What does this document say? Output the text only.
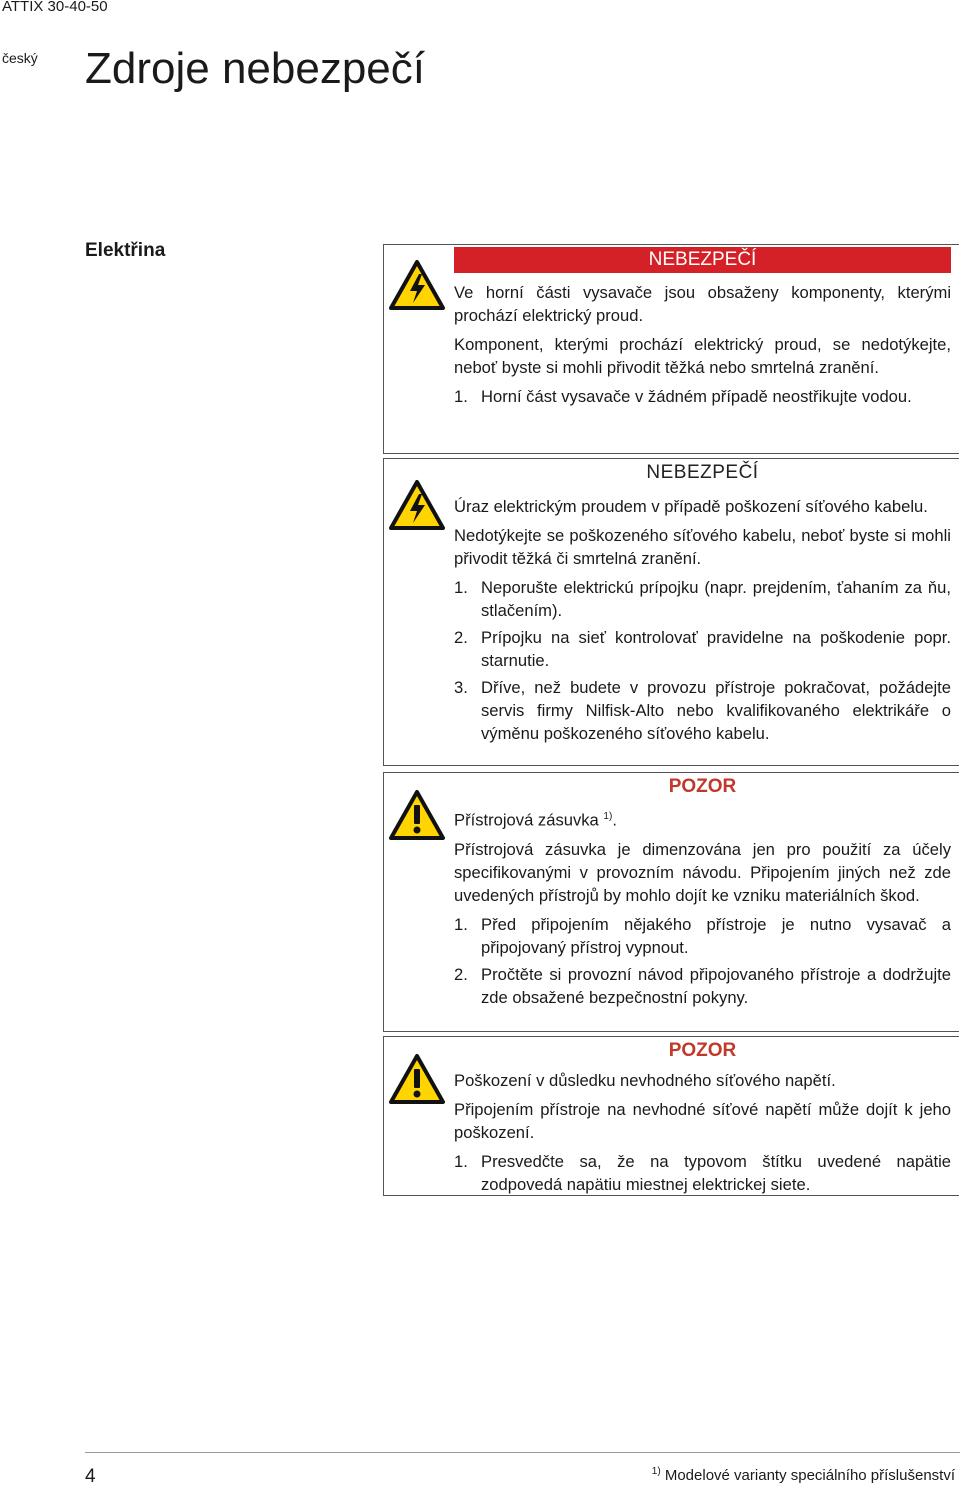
ATTIX 30-40-50
český Zdroje nebezpečí
Elektřina	NEBEZPEČÍ

Ve horní části vysavače jsou obsaženy komponenty, kterými prochází elektrický proud.

Komponent, kterými prochází elektrický proud, se nedotýkejte, neboť byste si mohli přivodit těžká nebo smrtelná zranění.

1. Horní část vysavače v žádném případě neostřikujte vodou.
NEBEZPEČÍ

Úraz elektrickým proudem v případě poškození síťového kabelu.

Nedotýkejte se poškozeného síťového kabelu, neboť byste si mohli přivodit těžká či smrtelná zranění.

1. Neporušte elektrickú prípojku (napr. prejdením, ťahaním za ňu, stlačením).
2. Prípojku na sieť kontrolovať pravidelne na poškodenie popr. starnutie.
3. Dříve, než budete v provozu přístroje pokračovat, požádejte servis firmy Nilfisk-Alto nebo kvalifikovaného elektrikáře o výměnu poškozeného síťového kabelu.
POZOR

Přístrojová zásuvka $^{1)}$.

Přístrojová zásuvka je dimenzována jen pro použití za účely specifikovanými v provozním návodu. Připojením jiných než zde uvedených přístrojů by mohlo dojít ke vzniku materiálních škod.

1. Před připojením nějakého přístroje je nutno vysavač a připojovaný přístroj vypnout.
2. Pročtěte si provozní návod připojovaného přístroje a dodržujte zde obsažené bezpečnostní pokyny.
POZOR

Poškození v důsledku nevhodného síťového napětí.

Připojením přístroje na nevhodné síťové napětí může dojít k jeho poškození.

1. Presvedčte sa, že na typovom štítku uvedené napätie zodpovedá napätiu miestnej elektrickej siete.
4	$^{1)}$ Modelové varianty speciálního příslušenství
